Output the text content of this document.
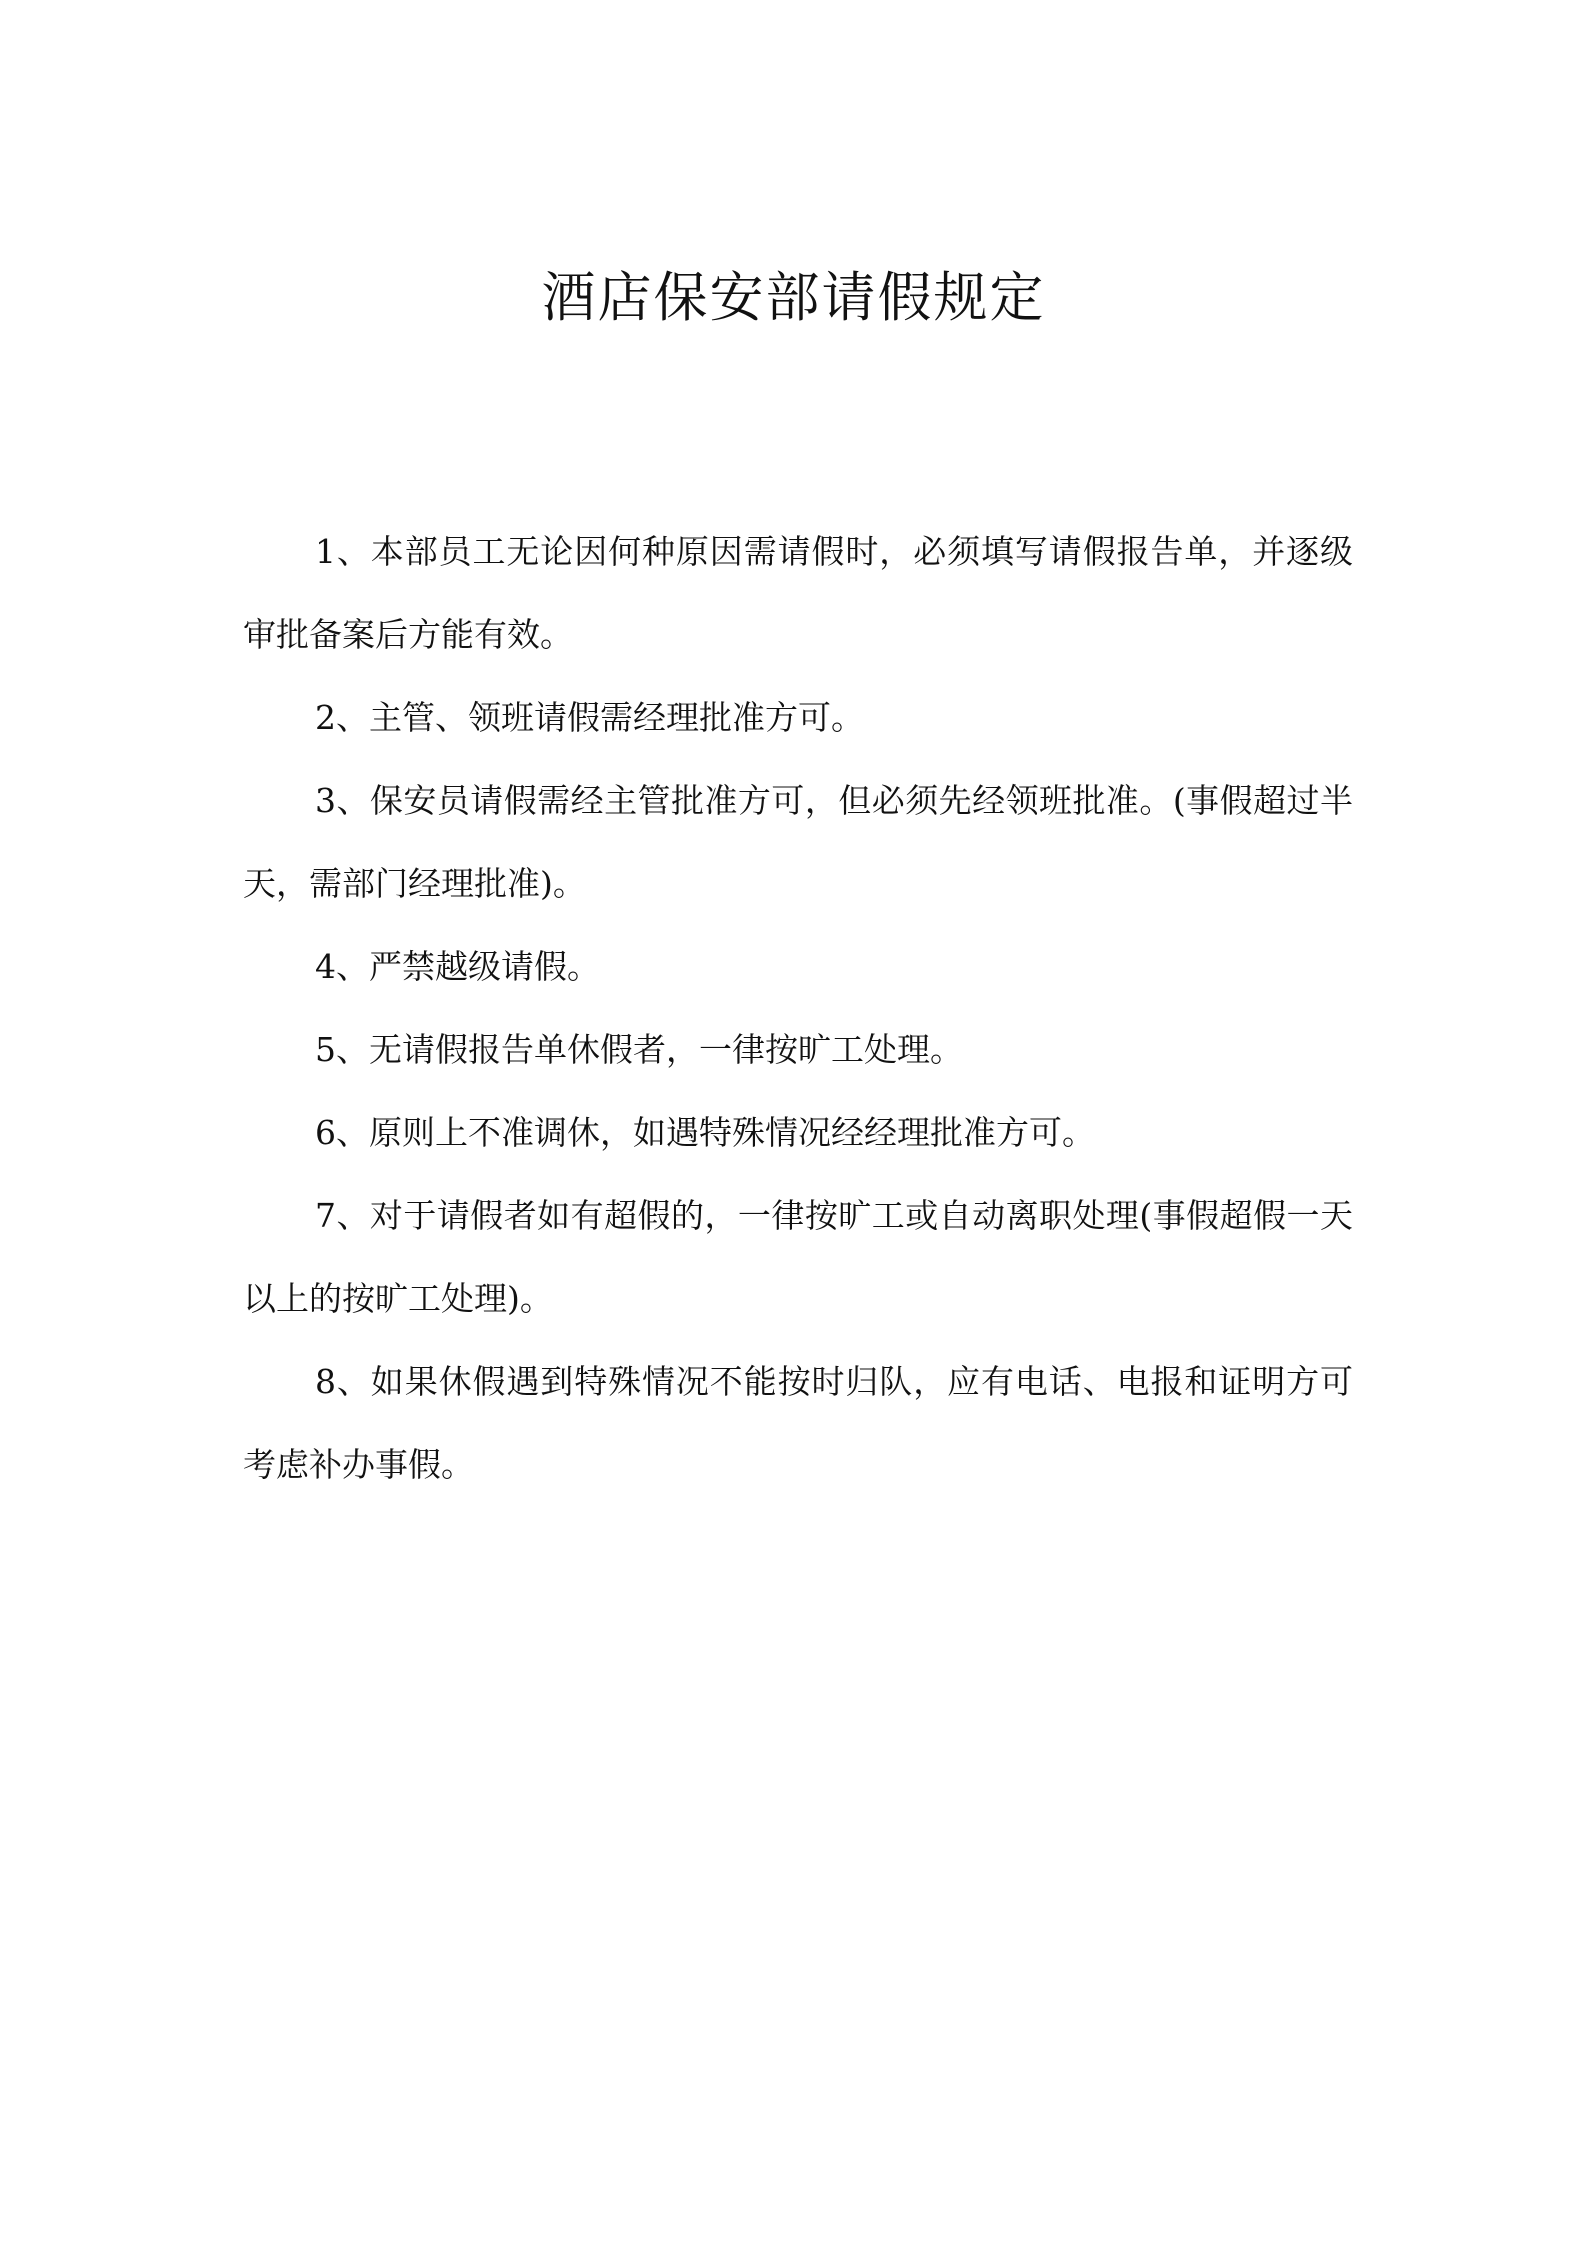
酒店保安部请假规定
1、本部员工无论因何种原因需请假时，必须填写请假报告单，并逐级审批备案后方能有效。
2、主管、领班请假需经理批准方可。
3、保安员请假需经主管批准方可，但必须先经领班批准。(事假超过半天，需部门经理批准)。
4、严禁越级请假。
5、无请假报告单休假者，一律按旷工处理。
6、原则上不准调休，如遇特殊情况经经理批准方可。
7、对于请假者如有超假的，一律按旷工或自动离职处理(事假超假一天以上的按旷工处理)。
8、如果休假遇到特殊情况不能按时归队，应有电话、电报和证明方可考虑补办事假。
